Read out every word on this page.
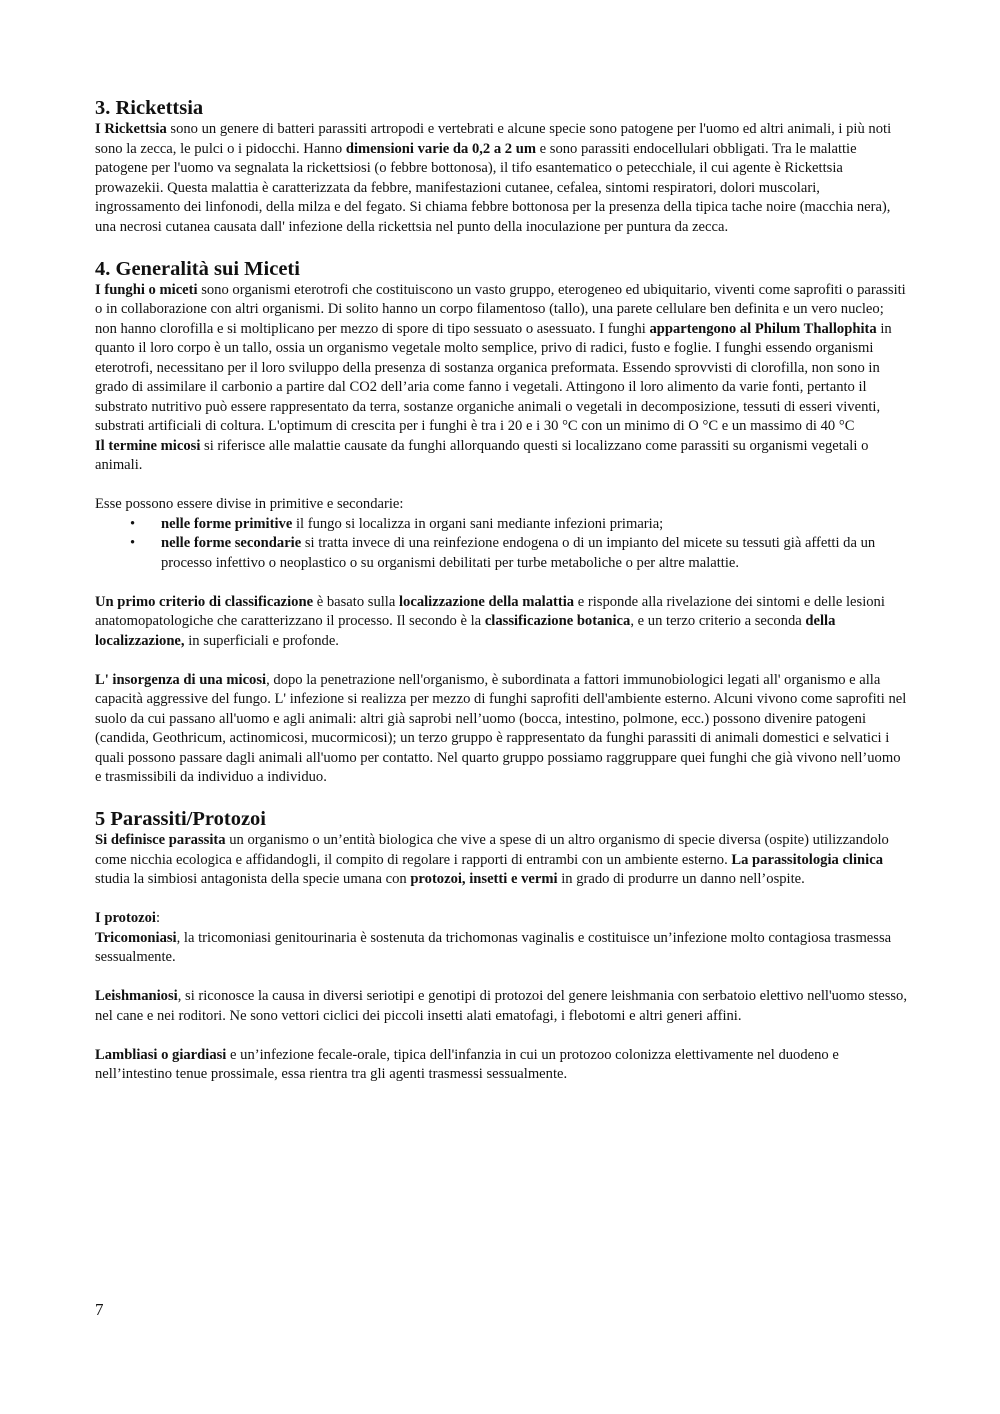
3. Rickettsia

I Rickettsia sono un genere di batteri parassiti artropodi e vertebrati e alcune specie sono patogene per l'uomo ed altri animali, i più noti sono la zecca, le pulci o i pidocchi. Hanno dimensioni varie da 0,2 a 2 um e sono parassiti endocellulari obbligati. Tra le malattie patogene per l'uomo va segnalata la rickettsiosi (o febbre bottonosa), il tifo esantematico o petecchiale, il cui agente è Rickettsia prowazekii. Questa malattia è caratterizzata da febbre, manifestazioni cutanee, cefalea, sintomi respiratori, dolori muscolari, ingrossamento dei linfonodi, della milza e del fegato. Si chiama febbre bottonosa per la presenza della tipica tache noire (macchia nera), una necrosi cutanea causata dall' infezione della rickettsia nel punto della inoculazione per puntura da zecca.

4. Generalità sui Miceti

I funghi o miceti sono organismi eterotrofi che costituiscono un vasto gruppo, eterogeneo ed ubiquitario, viventi come saprofiti o parassiti o in collaborazione con altri organismi. Di solito hanno un corpo filamentoso (tallo), una parete cellulare ben definita e un vero nucleo; non hanno clorofilla e si moltiplicano per mezzo di spore di tipo sessuato o asessuato. I funghi appartengono al Philum Thallophita in quanto il loro corpo è un tallo, ossia un organismo vegetale molto semplice, privo di radici, fusto e foglie. I funghi essendo organismi eterotrofi, necessitano per il loro sviluppo della presenza di sostanza organica preformata. Essendo sprovvisti di clorofilla, non sono in grado di assimilare il carbonio a partire dal CO2 dell’aria come fanno i vegetali. Attingono il loro alimento da varie fonti, pertanto il substrato nutritivo può essere rappresentato da terra, sostanze organiche animali o vegetali in decomposizione, tessuti di esseri viventi, substrati artificiali di coltura. L'optimum di crescita per i funghi è tra i 20 e i 30 °C con un minimo di O °C e un massimo di 40 °C

Il termine micosi si riferisce alle malattie causate da funghi allorquando questi si localizzano come parassiti su organismi vegetali o animali.

Esse possono essere divise in primitive e secondarie:

• nelle forme primitive il fungo si localizza in organi sani mediante infezioni primaria;
• nelle forme secondarie si tratta invece di una reinfezione endogena o di un impianto del micete su tessuti già affetti da un processo infettivo o neoplastico o su organismi debilitati per turbe metaboliche o per altre malattie.

Un primo criterio di classificazione è basato sulla localizzazione della malattia e risponde alla rivelazione dei sintomi e delle lesioni anatomopatologiche che caratterizzano il processo. Il secondo è la classificazione botanica, e un terzo criterio a seconda della localizzazione, in superficiali e profonde.

L' insorgenza di una micosi, dopo la penetrazione nell'organismo, è subordinata a fattori immunobiologici legati all' organismo e alla capacità aggressive del fungo. L' infezione si realizza per mezzo di funghi saprofiti dell'ambiente esterno. Alcuni vivono come saprofiti nel suolo da cui passano all'uomo e agli animali: altri già saprobi nell’uomo (bocca, intestino, polmone, ecc.) possono divenire patogeni (candida, Geothricum, actinomicosi, mucormicosi); un terzo gruppo è rappresentato da funghi parassiti di animali domestici e selvatici i quali possono passare dagli animali all'uomo per contatto. Nel quarto gruppo possiamo raggruppare quei funghi che già vivono nell’uomo e trasmissibili da individuo a individuo.

5 Parassiti/Protozoi

Si definisce parassita un organismo o un’entità biologica che vive a spese di un altro organismo di specie diversa (ospite) utilizzandolo come nicchia ecologica e affidandogli, il compito di regolare i rapporti di entrambi con un ambiente esterno. La parassitologia clinica studia la simbiosi antagonista della specie umana con protozoi, insetti e vermi in grado di produrre un danno nell’ospite.

I protozoi:

Tricomoniasi, la tricomoniasi genitourinaria è sostenuta da trichomonas vaginalis e costituisce un’infezione molto contagiosa trasmessa sessualmente.

Leishmaniosi, si riconosce la causa in diversi seriotipi e genotipi di protozoi del genere leishmania con serbatoio elettivo nell'uomo stesso, nel cane e nei roditori. Ne sono vettori ciclici dei piccoli insetti alati ematofagi, i flebotomi e altri generi affini.

Lambliasi o giardiasi e un’infezione fecale-orale, tipica dell'infanzia in cui un protozoo colonizza elettivamente nel duodeno e nell’intestino tenue prossimale, essa rientra tra gli agenti trasmessi sessualmente.

7
